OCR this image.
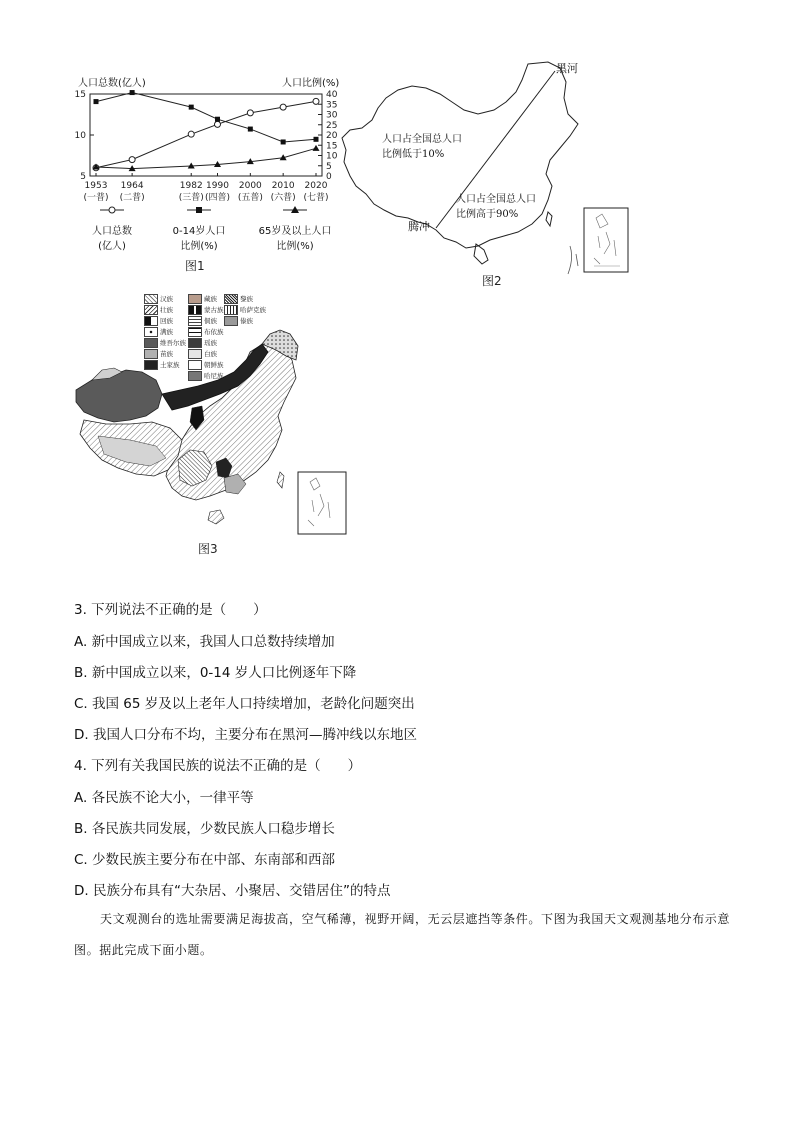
15
10
5
40
35
30
25
20
15
10
5
0
1953
(一普)
1964
(二普)
1982
(三普)
1990
(四普)
2000
(五普)
2010
(六普)
2020
(七普)
人口总数(亿人)	人口比例(%)
人口总数
(亿人)
0-14岁人口
比例(%)
65岁及以上人口
比例(%)
图1
黑河
腾冲
人口占全国总人口
比例低于10%
人口占全国总人口
比例高于90%
图2
汉族
壮族
回族
满族
维吾尔族
苗族
土家族
藏族
蒙古族
侗族
布依族
瑶族
白族
朝鲜族
哈尼族
黎族
哈萨克族
傣族
图3
3. 下列说法不正确的是（　　）
A. 新中国成立以来，我国人口总数持续增加
B. 新中国成立以来，0-14 岁人口比例逐年下降
C. 我国 65 岁及以上老年人口持续增加，老龄化问题突出
D. 我国人口分布不均，主要分布在黑河—腾冲线以东地区
4. 下列有关我国民族的说法不正确的是（　　）
A. 各民族不论大小，一律平等
B. 各民族共同发展，少数民族人口稳步增长
C. 少数民族主要分布在中部、东南部和西部
D. 民族分布具有“大杂居、小聚居、交错居住”的特点
天文观测台的选址需要满足海拔高，空气稀薄，视野开阔，无云层遮挡等条件。下图为我国天文观测基地分布示意图。据此完成下面小题。
